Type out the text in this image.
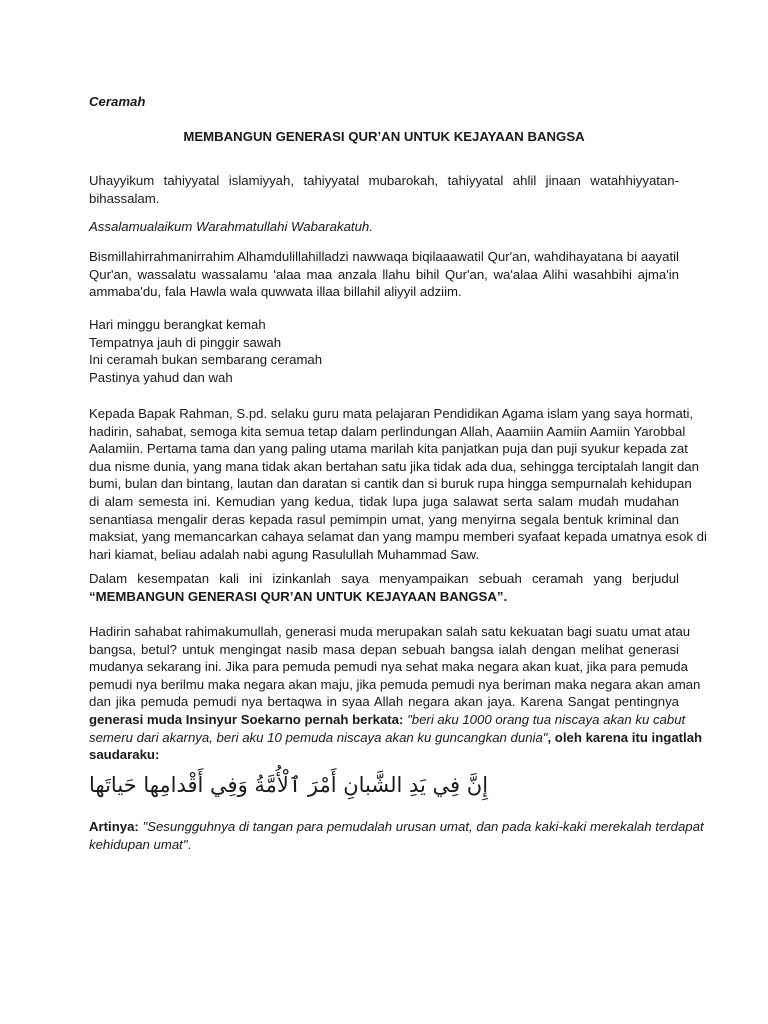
Ceramah
MEMBANGUN GENERASI QUR’AN UNTUK KEJAYAAN BANGSA
Uhayyikum tahiyyatal islamiyyah, tahiyyatal mubarokah, tahiyyatal ahlil jinaan watahhiyyatan-
bihassalam.
Assalamualaikum Warahmatullahi Wabarakatuh.
Bismillahirrahmanirrahim Alhamdulillahilladzi nawwaqa biqilaaawatil Qur'an, wahdihayatana bi aayatil
Qur'an, wassalatu wassalamu 'alaa maa anzala llahu bihil Qur'an, wa'alaa Alihi wasahbihi ajma'in
ammaba'du, fala Hawla wala quwwata illaa billahil aliyyil adziim.
Hari minggu berangkat kemah
Tempatnya jauh di pinggir sawah
Ini ceramah bukan sembarang ceramah
Pastinya yahud dan wah
Kepada Bapak Rahman, S.pd. selaku guru mata pelajaran Pendidikan Agama islam yang saya hormati,
hadirin, sahabat, semoga kita semua tetap dalam perlindungan Allah, Aaamiin Aamiin Aamiin Yarobbal
Aalamiin. Pertama tama dan yang paling utama marilah kita panjatkan puja dan puji syukur kepada zat
dua nisme dunia, yang mana tidak akan bertahan satu jika tidak ada dua, sehingga terciptalah langit dan
bumi, bulan dan bintang, lautan dan daratan si cantik dan si buruk rupa hingga sempurnalah kehidupan
di alam semesta ini. Kemudian yang kedua, tidak lupa juga salawat serta salam mudah mudahan
senantiasa mengalir deras kepada rasul pemimpin umat, yang menyirna segala bentuk kriminal dan
maksiat, yang memancarkan cahaya selamat dan yang mampu memberi syafaat kepada umatnya esok di
hari kiamat, beliau adalah nabi agung Rasulullah Muhammad Saw.
Dalam kesempatan kali ini izinkanlah saya menyampaikan sebuah ceramah yang berjudul
“MEMBANGUN GENERASI QUR’AN UNTUK KEJAYAAN BANGSA”.
Hadirin sahabat rahimakumullah, generasi muda merupakan salah satu kekuatan bagi suatu umat atau
bangsa, betul? untuk mengingat nasib masa depan sebuah bangsa ialah dengan melihat generasi
mudanya sekarang ini. Jika para pemuda pemudi nya sehat maka negara akan kuat, jika para pemuda
pemudi nya berilmu maka negara akan maju, jika pemuda pemudi nya beriman maka negara akan aman
dan jika pemuda pemudi nya bertaqwa in syaa Allah negara akan jaya. Karena Sangat pentingnya
generasi muda Insinyur Soekarno pernah berkata: "beri aku 1000 orang tua niscaya akan ku cabut
semeru dari akarnya, beri aku 10 pemuda niscaya akan ku guncangkan dunia", oleh karena itu ingatlah
saudaraku:
إِنَّ فِي يَدِ الشَّبانِ أَمْرَ ٱلْأُمَّةُ وَفِي أَقْدامِها حَياتَها
Artinya: "Sesungguhnya di tangan para pemudalah urusan umat, dan pada kaki-kaki merekalah terdapat
kehidupan umat".
